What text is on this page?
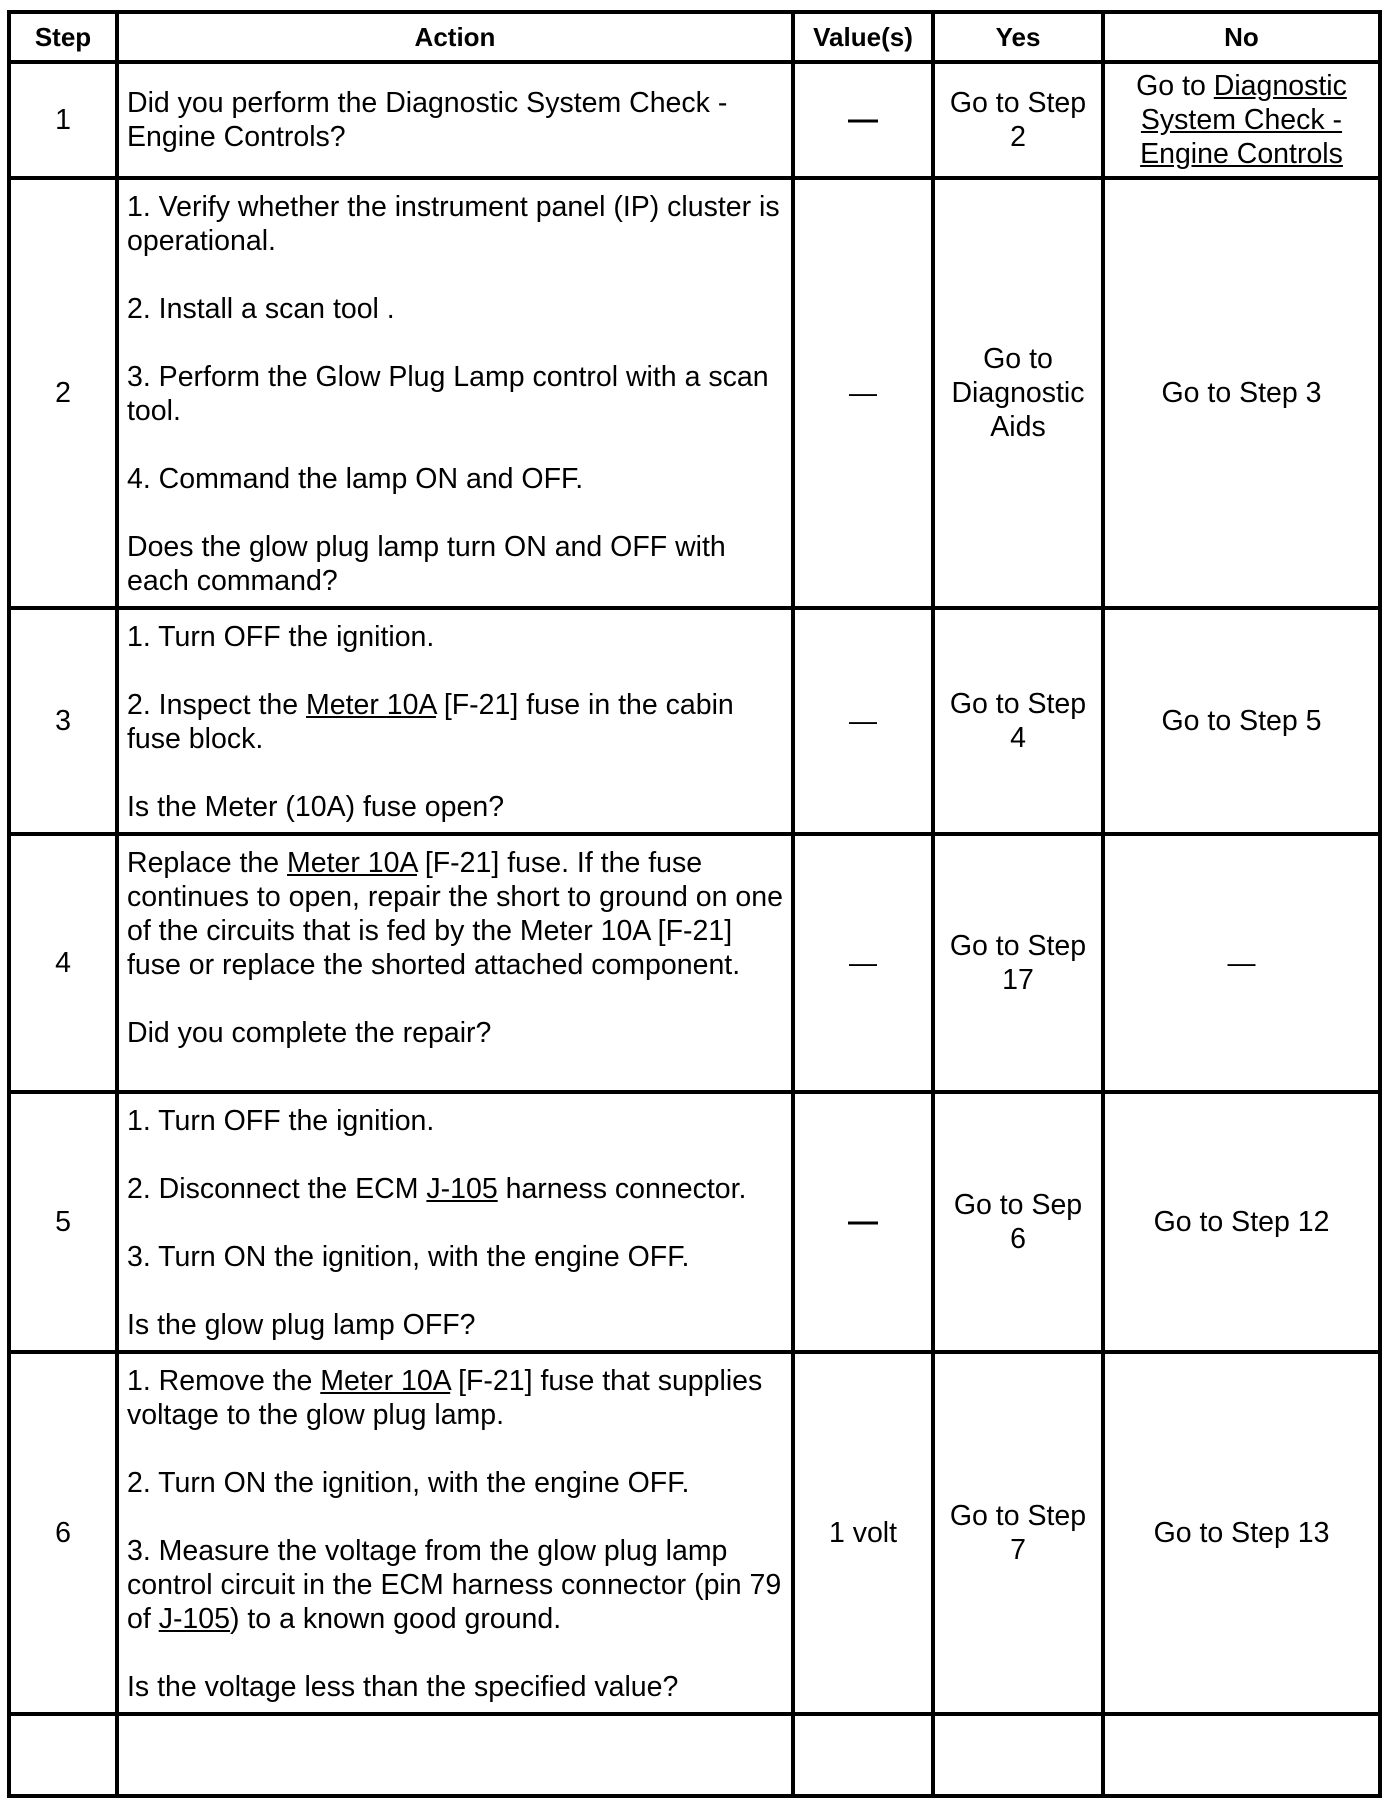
Step	Action	Value(s)	Yes	No
1	Did you perform the Diagnostic System Check -
Engine Controls?	—	Go to Step 2	Go to Diagnostic System Check - Engine Controls
2	1. Verify whether the instrument panel (IP) cluster is operational.

2. Install a scan tool .

3. Perform the Glow Plug Lamp control with a scan tool.

4. Command the lamp ON and OFF.

Does the glow plug lamp turn ON and OFF with each command?	—	Go to Diagnostic Aids	Go to Step 3
3	1. Turn OFF the ignition.

2. Inspect the Meter 10A [F-21] fuse in the cabin fuse block.

Is the Meter (10A) fuse open?	—	Go to Step 4	Go to Step 5
4	Replace the Meter 10A [F-21] fuse. If the fuse continues to open, repair the short to ground on one of the circuits that is fed by the Meter 10A [F-21] fuse or replace the shorted attached component.

Did you complete the repair?	—	Go to Step 17	—
5	1. Turn OFF the ignition.

2. Disconnect the ECM J-105 harness connector.

3. Turn ON the ignition, with the engine OFF.

Is the glow plug lamp OFF?	—	Go to Sep 6	Go to Step 12
6	1. Remove the Meter 10A [F-21] fuse that supplies voltage to the glow plug lamp.

2. Turn ON the ignition, with the engine OFF.

3. Measure the voltage from the glow plug lamp control circuit in the ECM harness connector (pin 79 of J-105) to a known good ground.

Is the voltage less than the specified value?	1 volt	Go to Step 7	Go to Step 13
